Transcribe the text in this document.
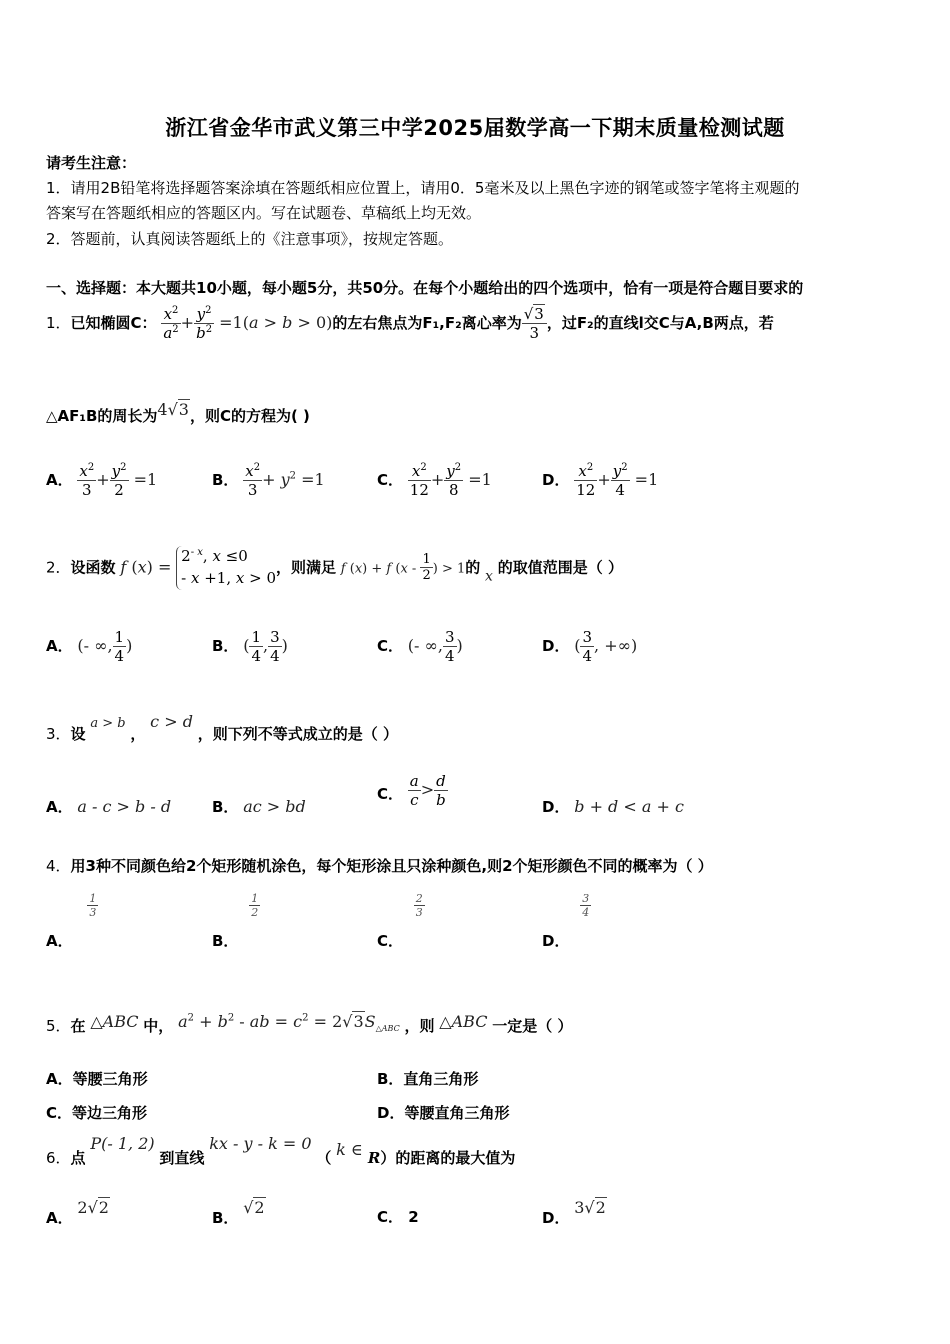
浙江省金华市武义第三中学2025届数学高一下期末质量检测试题
请考生注意：
1．请用2B铅笔将选择题答案涂填在答题纸相应位置上，请用0．5毫米及以上黑色字迹的钢笔或签字笔将主观题的
答案写在答题纸相应的答题区内。写在试题卷、草稿纸上均无效。
2．答题前，认真阅读答题纸上的《注意事项》，按规定答题。
一、选择题：本大题共10小题，每小题5分，共50分。在每个小题给出的四个选项中，恰有一项是符合题目要求的
1．已知椭圆C： $\frac{x^2}{a^2} + \frac{y^2}{b^2} =1(a > b > 0)$的左右焦点为F₁,F₂离心率为 $\frac{√3}{3}$ ，过F₂的直线l交C与A,B两点，若
△AF₁B的周长为4√3，则C的方程为( )
A． $\frac{x^2}{3} + \frac{y^2}{2} =1$	B． $\frac{x^2}{3} + y^2 =1$	C． $\frac{x^2}{12} + \frac{y^2}{8} =1$	D． $\frac{x^2}{12} + \frac{y^2}{4} =1$
2．设函数 f $(x) = 2^{- x}$, x ≤0
- x +1, x > 0，则满足 f (x) + f ($x - \frac{1}{2}$ ) > 1的 x 的取值范围是（ ）
A． (- ∞, $\frac{1}{4}$ )	B． ( $\frac{1}{4}$ , $\frac{3}{4}$ )	C． (- ∞, $\frac{3}{4}$ )	D． ( $\frac{3}{4}$ , +∞)
3．设 a > b ， c > d ，则下列不等式成立的是（ ）
A． a - c > b - d	B． ac > bd
C． $\frac{a}{c} > \frac{d}{b}$	D． b + d < a + c
4．用3种不同颜色给2个矩形随机涂色，每个矩形涂且只涂种颜色,则2个矩形颜色不同的概率为（ ）
A．
$\frac{1}{3}$
B．
$\frac{1}{2}$
C．
$\frac{2}{3}$
D．
$\frac{3}{4}$
5．在 △ABC 中， $a^2 + b^2$ - ab = $c^2 = 2√3S_{\triangle ABC}$ ，则 △ABC 一定是（ ）
A．等腰三角形	B．直角三角形
C．等边三角形	D．等腰直角三角形
6．点 P(- 1, 2) 到直线 kx - y - k = 0 （ k ∈ R）的距离的最大值为
A． 2√2
B． √2	C． 2	D． 3√2
